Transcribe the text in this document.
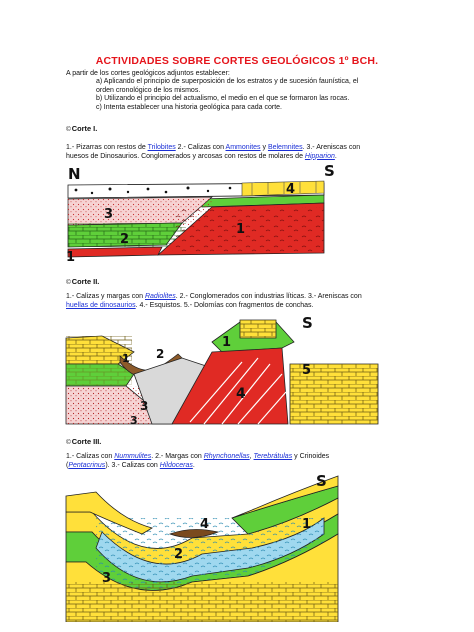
ACTIVIDADES SOBRE CORTES GEOLÓGICOS 1º BCH.
A partir de los cortes geológicos adjuntos establecer:
a) Aplicando el principio de superposición de los estratos y de sucesión faunística, el
orden cronológico de los mismos.
b) Utilizando el principio del actualismo, el medio en el que se formaron las rocas.
c) Intenta establecer una historia geológica para cada corte.
©Corte I.
1.- Pizarras con restos de Trilobites 2.- Calizas con Ammonites y Belemnites. 3.- Areniscas con
huesos de Dinosaurios. Conglomerados y arcosas con restos de molares de Hipparion.
N	S
3
2
1
1
4
©Corte II.
1.- Calizas y margas con Radiolites. 2.- Conglomerados con industrias líticas. 3.- Areniscas con
huellas de dinosaurios. 4.- Esquistos. 5.- Dolomías con fragmentos de conchas.
S
1
1 2
3
3
4
5
©Corte III.
1.- Calizas con Nummulites. 2.- Margas con Rhynchonellas, Terebrátulas y Crinoides
(Pentacrinus). 3.- Calizas con Hildoceras.
S
4	1
2
3
